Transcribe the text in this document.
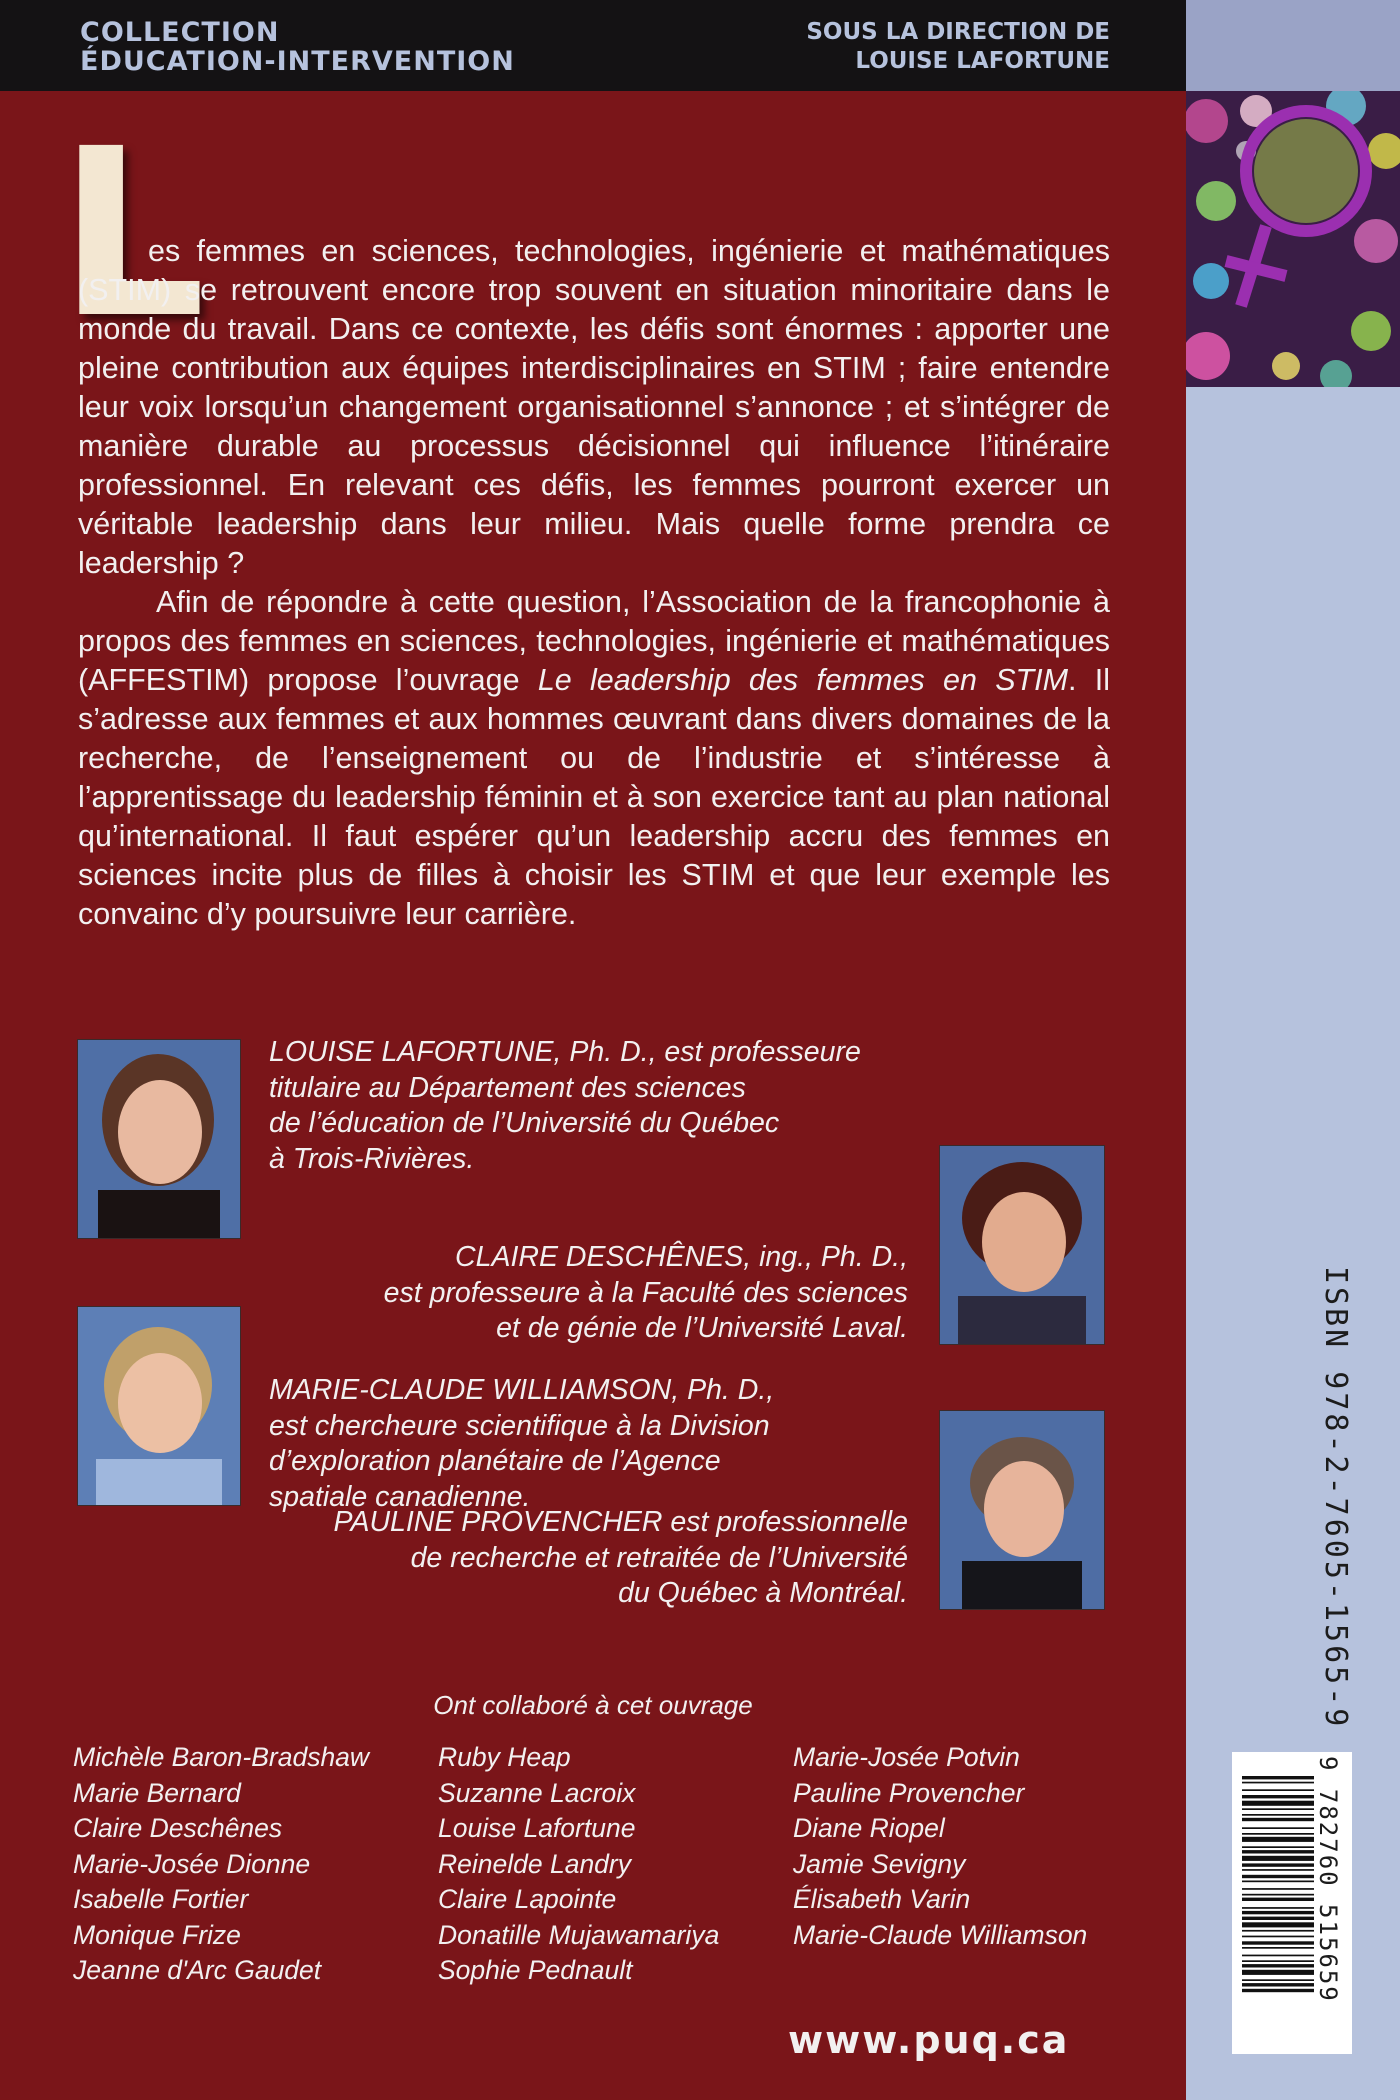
COLLECTION
ÉDUCATION-INTERVENTION
SOUS LA DIRECTION DE
LOUISE LAFORTUNE
9 782760 515659
ISBN 978-2-7605-1565-9
L

es femmes en sciences, technologies, ingénierie et mathématiques (STIM) se retrouvent encore trop souvent en situation minoritaire dans le monde du travail. Dans ce contexte, les défis sont énormes : apporter une pleine contribution aux équipes interdisciplinaires en STIM ; faire entendre leur voix lorsqu’un changement organisationnel s’annonce ; et s’intégrer de manière durable au processus décisionnel qui influence l’itinéraire professionnel. En relevant ces défis, les femmes pourront exercer un véritable leadership dans leur milieu. Mais quelle forme prendra ce leadership ?

Afin de répondre à cette question, l’Association de la francophonie à propos des femmes en sciences, technologies, ingénierie et mathématiques (AFFESTIM) propose l’ouvrage Le leadership des femmes en STIM. Il s’adresse aux femmes et aux hommes œuvrant dans divers domaines de la recherche, de l’enseignement ou de l’industrie et s’intéresse à l’apprentissage du leadership féminin et à son exercice tant au plan national qu’international. Il faut espérer qu’un leadership accru des femmes en sciences incite plus de filles à choisir les STIM et que leur exemple les convainc d’y poursuivre leur carrière.

LOUISE LAFORTUNE, Ph. D., est professeure
titulaire au Département des sciences
de l’éducation de l’Université du Québec
à Trois-Rivières.
CLAIRE DESCHÊNES, ing., Ph. D.,
est professeure à la Faculté des sciences
et de génie de l’Université Laval.
MARIE-CLAUDE WILLIAMSON, Ph. D.,
est chercheure scientifique à la Division
d’exploration planétaire de l’Agence
spatiale canadienne.
PAULINE PROVENCHER est professionnelle
de recherche et retraitée de l’Université
du Québec à Montréal.
Ont collaboré à cet ouvrage
Michèle Baron-Bradshaw
Marie Bernard
Claire Deschênes
Marie-Josée Dionne
Isabelle Fortier
Monique Frize
Jeanne d'Arc Gaudet
Ruby Heap
Suzanne Lacroix
Louise Lafortune
Reinelde Landry
Claire Lapointe
Donatille Mujawamariya
Sophie Pednault
Marie-Josée Potvin
Pauline Provencher
Diane Riopel
Jamie Sevigny
Élisabeth Varin
Marie-Claude Williamson
www.puq.ca
